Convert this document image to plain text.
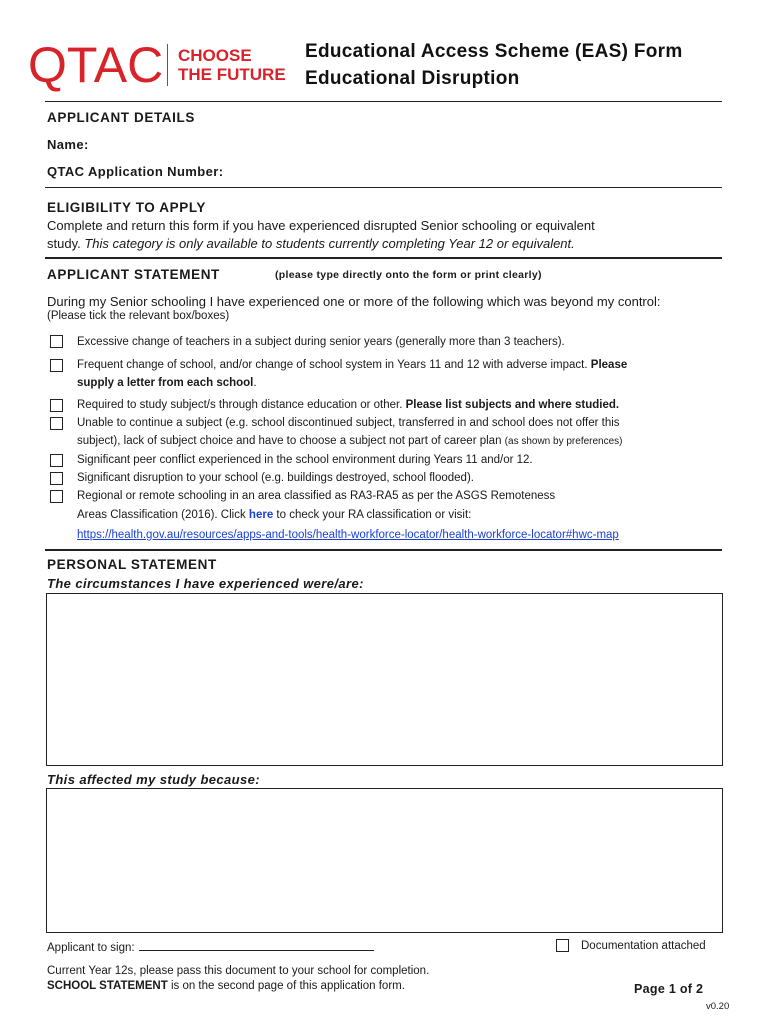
QTAC CHOOSE
THE FUTURE
Educational Access Scheme (EAS) Form
Educational Disruption
APPLICANT DETAILS
Name:
QTAC Application Number:
ELIGIBILITY TO APPLY
Complete and return this form if you have experienced disrupted Senior schooling or equivalent
study. This category is only available to students currently completing Year 12 or equivalent.
APPLICANT STATEMENT	(please type directly onto the form or print clearly)
During my Senior schooling I have experienced one or more of the following which was beyond my control:
(Please tick the relevant box/boxes)
Excessive change of teachers in a subject during senior years (generally more than 3 teachers).
Frequent change of school, and/or change of school system in Years 11 and 12 with adverse impact. Please
supply a letter from each school.
Required to study subject/s through distance education or other. Please list subjects and where studied.
Unable to continue a subject (e.g. school discontinued subject, transferred in and school does not offer this
subject), lack of subject choice and have to choose a subject not part of career plan (as shown by preferences)
Significant peer conflict experienced in the school environment during Years 11 and/or 12.
Significant disruption to your school (e.g. buildings destroyed, school flooded).
Regional or remote schooling in an area classified as RA3-RA5 as per the ASGS Remoteness
Areas Classification (2016). Click here to check your RA classification or visit:
https://health.gov.au/resources/apps-and-tools/health-workforce-locator/health-workforce-locator#hwc-map
PERSONAL STATEMENT
The circumstances I have experienced were/are:
This affected my study because:
Applicant to sign:	Documentation attached
Current Year 12s, please pass this document to your school for completion.
SCHOOL STATEMENT is on the second page of this application form.	Page 1 of 2
v0.20
